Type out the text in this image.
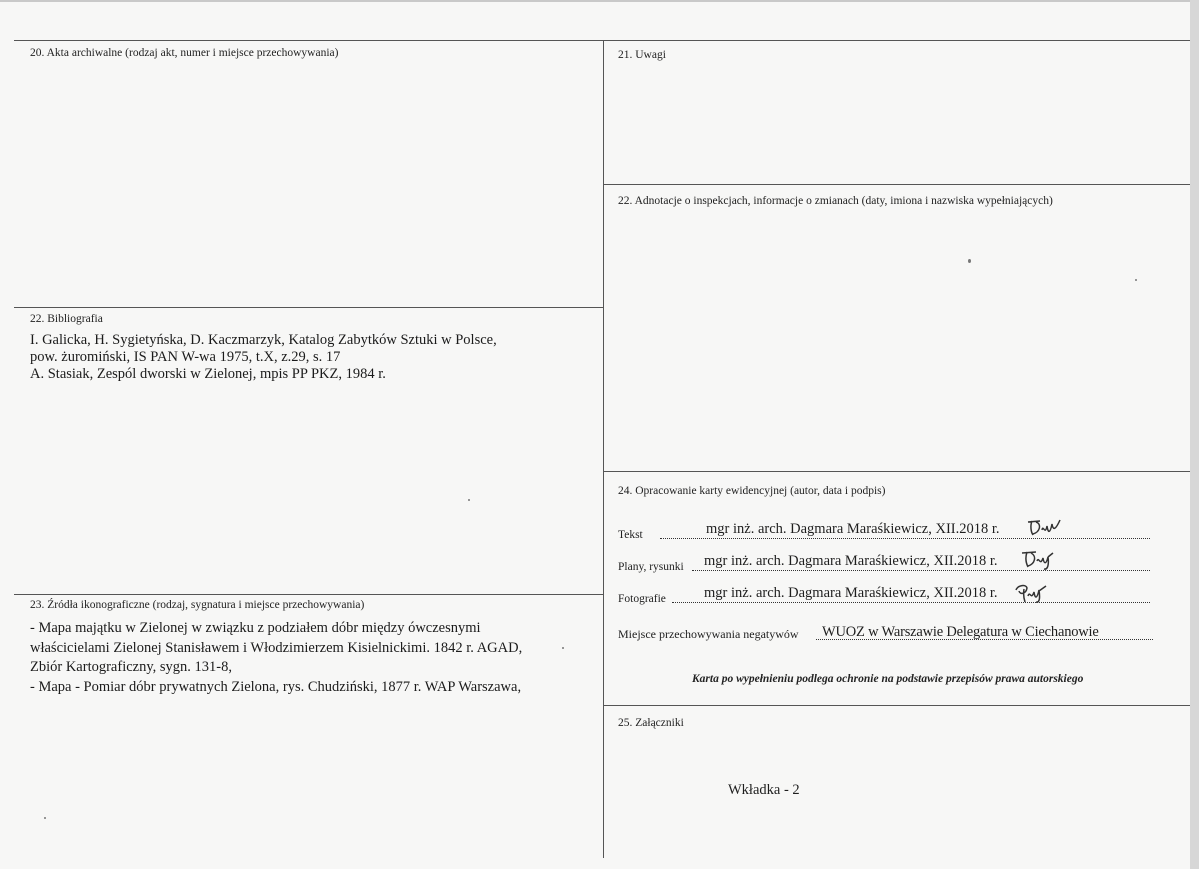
20. Akta archiwalne (rodzaj akt, numer i miejsce przechowywania)	21. Uwagi
22. Adnotacje o inspekcjach, informacje o zmianach (daty, imiona i nazwiska wypełniających)
22. Bibliografia
I. Galicka, H. Sygietyńska, D. Kaczmarzyk, Katalog Zabytków Sztuki w Polsce,
pow. żuromiński, IS PAN W-wa 1975, t.X, z.29, s. 17
A. Stasiak, Zespól dworski w Zielonej, mpis PP PKZ, 1984 r.
23. Źródła ikonograficzne (rodzaj, sygnatura i miejsce przechowywania)
- Mapa majątku w Zielonej w związku z podziałem dóbr między ówczesnymi
właścicielami Zielonej Stanisławem i Włodzimierzem Kisielnickimi. 1842 r. AGAD,
Zbiór Kartograficzny, sygn. 131-8,
- Mapa - Pomiar dóbr prywatnych Zielona, rys. Chudziński, 1877 r. WAP Warszawa,
24. Opracowanie karty ewidencyjnej (autor, data i podpis)
Tekst	mgr inż. arch. Dagmara Maraśkiewicz, XII.2018 r.
Plany, rysunki mgr inż. arch. Dagmara Maraśkiewicz, XII.2018 r.
Fotografie	mgr inż. arch. Dagmara Maraśkiewicz, XII.2018 r.
Miejsce przechowywania negatywów WUOZ w Warszawie Delegatura w Ciechanowie
Karta po wypełnieniu podlega ochronie na podstawie przepisów prawa autorskiego
25. Załączniki
Wkładka - 2
